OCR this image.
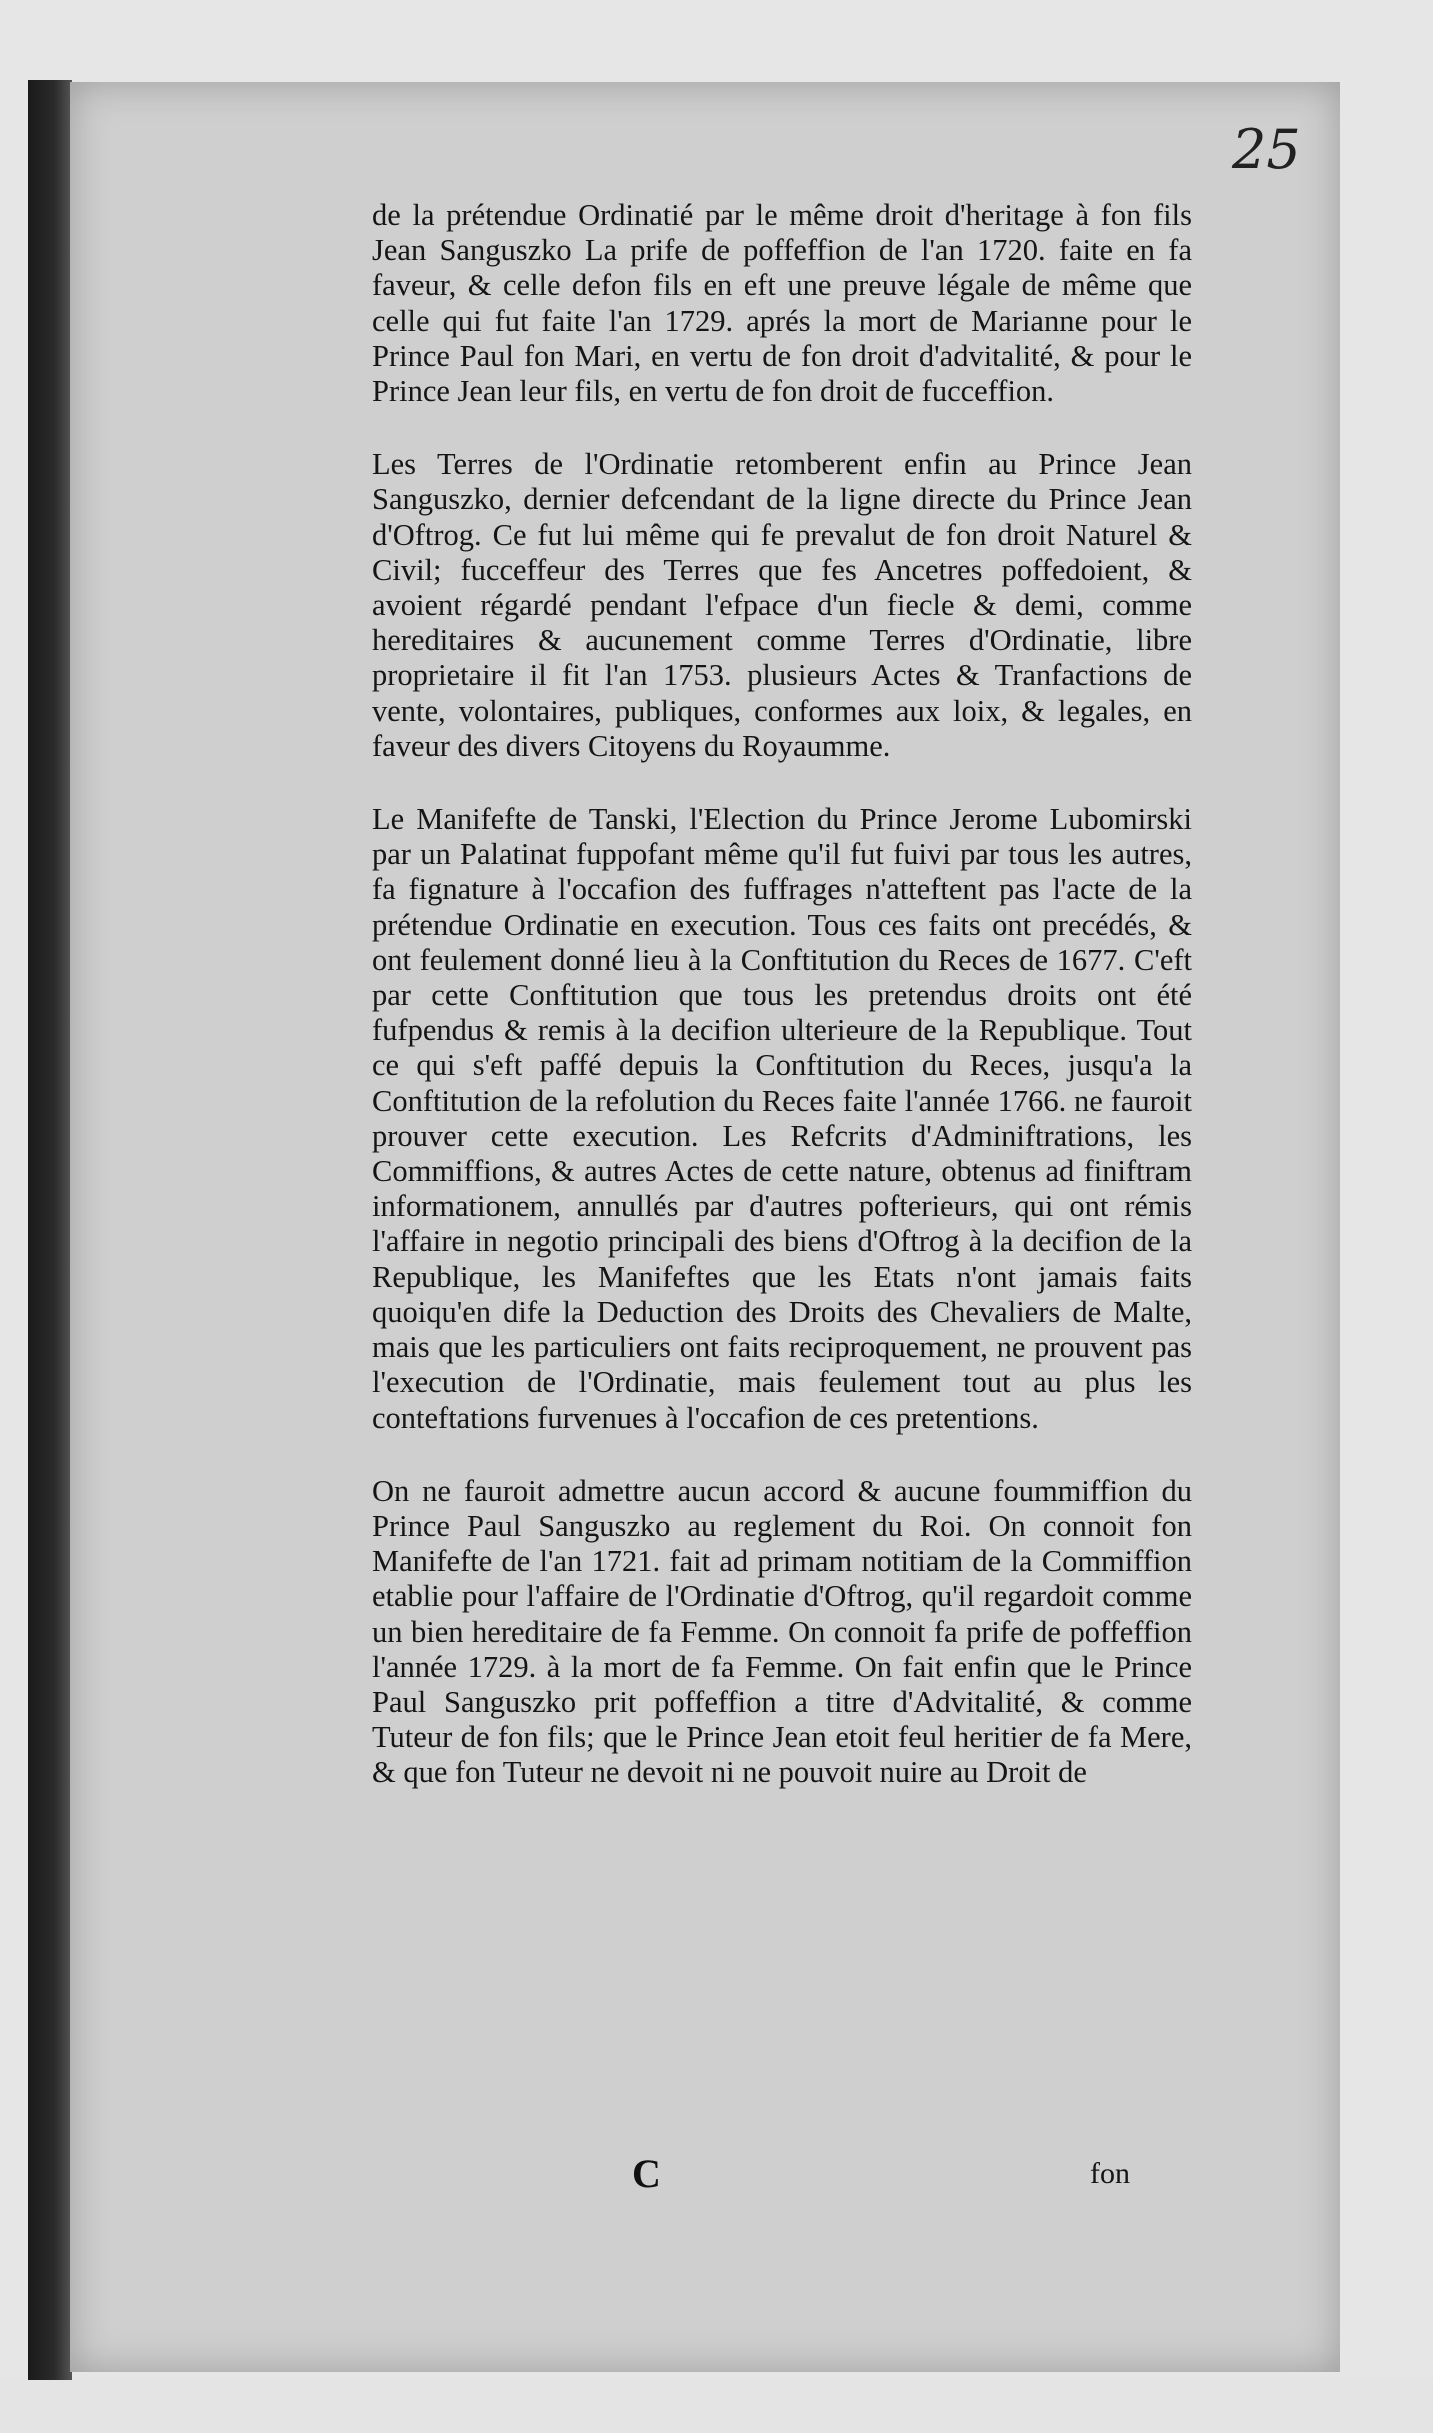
25

de la prétendue Ordinatié par le même droit d'heritage à fon fils Jean Sanguszko La prife de poffeffion de l'an 1720. faite en fa faveur, & celle defon fils en eft une preuve légale de même que celle qui fut faite l'an 1729. aprés la mort de Marianne pour le Prince Paul fon Mari, en vertu de fon droit d'advitalité, & pour le Prince Jean leur fils, en vertu de fon droit de fucceffion.

Les Terres de l'Ordinatie retomberent enfin au Prince Jean Sanguszko, dernier defcendant de la ligne directe du Prince Jean d'Oftrog. Ce fut lui même qui fe prevalut de fon droit Naturel & Civil; fucceffeur des Terres que fes Ancetres poffedoient, & avoient régardé pendant l'efpace d'un fiecle & demi, comme hereditaires & aucunement comme Terres d'Ordinatie, libre proprietaire il fit l'an 1753. plusieurs Actes & Tranfactions de vente, volontaires, publiques, conformes aux loix, & legales, en faveur des divers Citoyens du Royaumme.

Le Manifefte de Tanski, l'Election du Prince Jerome Lubomirski par un Palatinat fuppofant même qu'il fut fuivi par tous les autres, fa fignature à l'occafion des fuffrages n'atteftent pas l'acte de la prétendue Ordinatie en execution. Tous ces faits ont precédés, & ont feulement donné lieu à la Conftitution du Reces de 1677. C'eft par cette Conftitution que tous les pretendus droits ont été fufpendus & remis à la decifion ulterieure de la Republique. Tout ce qui s'eft paffé depuis la Conftitution du Reces, jusqu'a la Conftitution de la refolution du Reces faite l'année 1766. ne fauroit prouver cette execution. Les Refcrits d'Adminiftrations, les Commiffions, & autres Actes de cette nature, obtenus ad finiftram informationem, annullés par d'autres pofterieurs, qui ont rémis l'affaire in negotio principali des biens d'Oftrog à la decifion de la Republique, les Manifeftes que les Etats n'ont jamais faits quoiqu'en dife la Deduction des Droits des Chevaliers de Malte, mais que les particuliers ont faits reciproquement, ne prouvent pas l'execution de l'Ordinatie, mais feulement tout au plus les conteftations furvenues à l'occafion de ces pretentions.

On ne fauroit admettre aucun accord & aucune foummiffion du Prince Paul Sanguszko au reglement du Roi. On connoit fon Manifefte de l'an 1721. fait ad primam notitiam de la Commiffion etablie pour l'affaire de l'Ordinatie d'Oftrog, qu'il regardoit comme un bien hereditaire de fa Femme. On connoit fa prife de poffeffion l'année 1729. à la mort de fa Femme. On fait enfin que le Prince Paul Sanguszko prit poffeffion a titre d'Advitalité, & comme Tuteur de fon fils; que le Prince Jean etoit feul heritier de fa Mere, & que fon Tuteur ne devoit ni ne pouvoit nuire au Droit de

C	fon
